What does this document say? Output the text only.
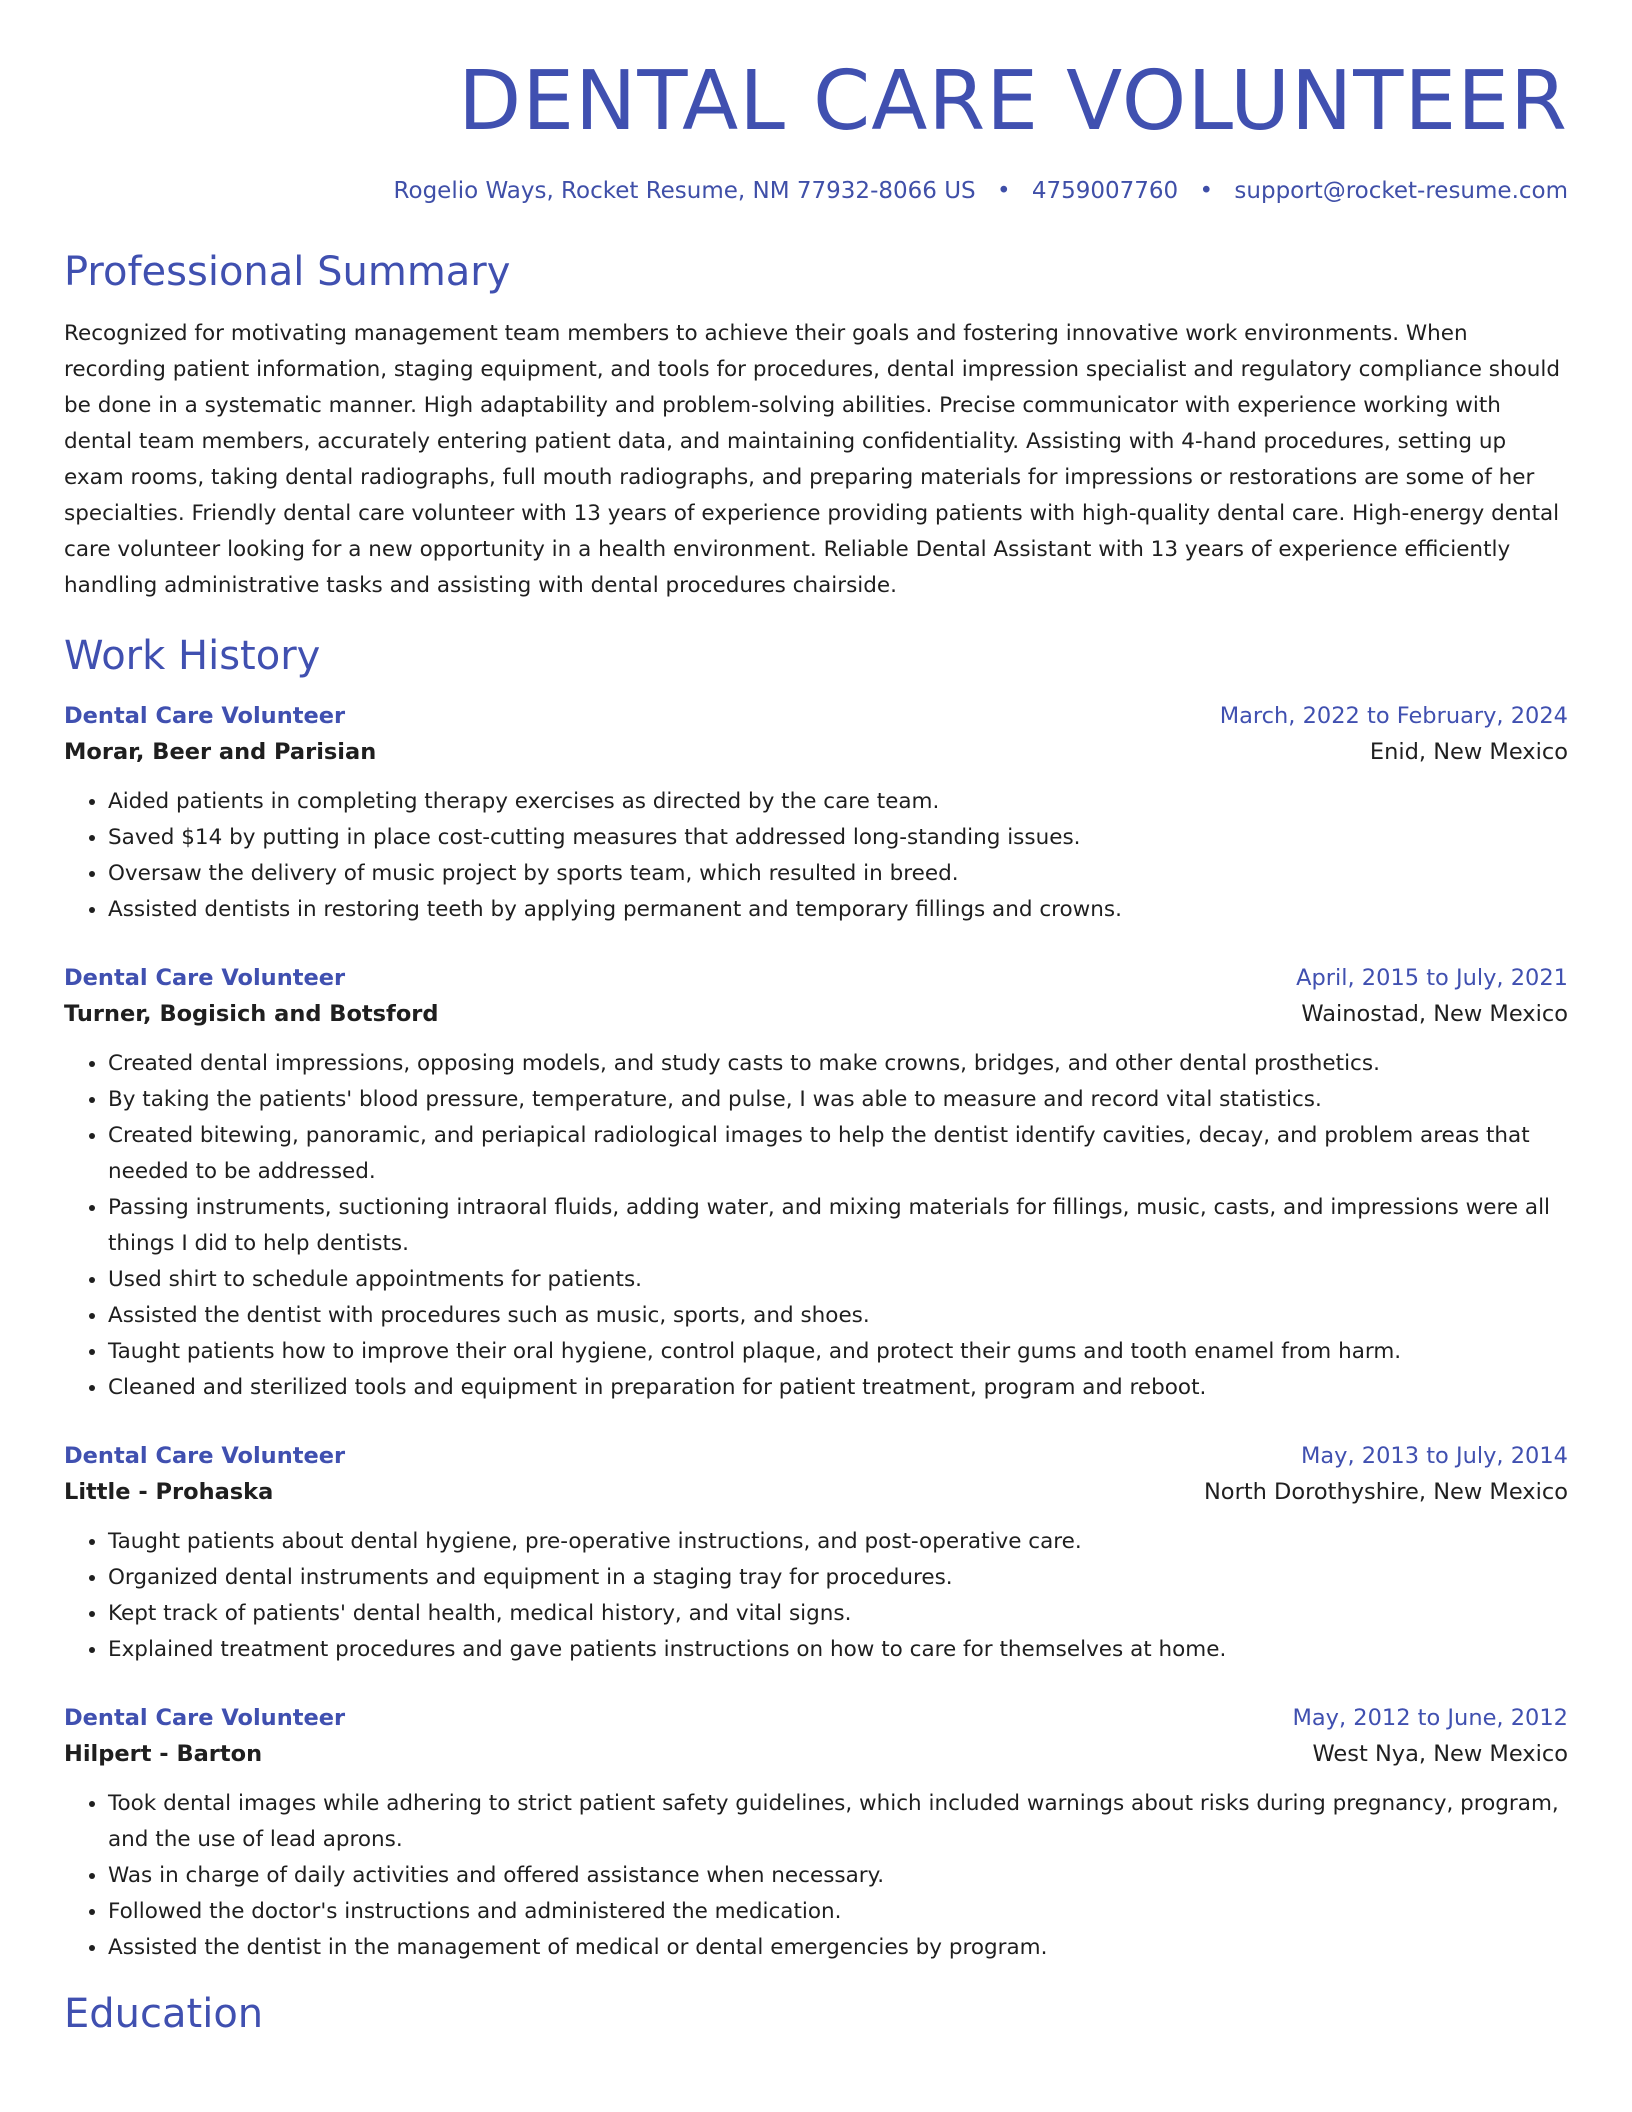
DENTAL CARE VOLUNTEER
Rogelio Ways, Rocket Resume, NM 77932-8066 US • 4759007760 • support@rocket-resume.com
Professional Summary
Recognized for motivating management team members to achieve their goals and fostering innovative work environments. When recording patient information, staging equipment, and tools for procedures, dental impression specialist and regulatory compliance should be done in a systematic manner. High adaptability and problem-solving abilities. Precise communicator with experience working with dental team members, accurately entering patient data, and maintaining confidentiality. Assisting with 4-hand procedures, setting up exam rooms, taking dental radiographs, full mouth radiographs, and preparing materials for impressions or restorations are some of her specialties. Friendly dental care volunteer with 13 years of experience providing patients with high-quality dental care. High-energy dental care volunteer looking for a new opportunity in a health environment. Reliable Dental Assistant with 13 years of experience efficiently handling administrative tasks and assisting with dental procedures chairside.
Work History
Dental Care Volunteer	March, 2022 to February, 2024
Morar, Beer and Parisian	Enid, New Mexico
• Aided patients in completing therapy exercises as directed by the care team.
• Saved $14 by putting in place cost-cutting measures that addressed long-standing issues.
• Oversaw the delivery of music project by sports team, which resulted in breed.
• Assisted dentists in restoring teeth by applying permanent and temporary fillings and crowns.
Dental Care Volunteer	April, 2015 to July, 2021
Turner, Bogisich and Botsford	Wainostad, New Mexico
• Created dental impressions, opposing models, and study casts to make crowns, bridges, and other dental prosthetics.
• By taking the patients' blood pressure, temperature, and pulse, I was able to measure and record vital statistics.
• Created bitewing, panoramic, and periapical radiological images to help the dentist identify cavities, decay, and problem areas that needed to be addressed.
• Passing instruments, suctioning intraoral fluids, adding water, and mixing materials for fillings, music, casts, and impressions were all things I did to help dentists.
• Used shirt to schedule appointments for patients.
• Assisted the dentist with procedures such as music, sports, and shoes.
• Taught patients how to improve their oral hygiene, control plaque, and protect their gums and tooth enamel from harm.
• Cleaned and sterilized tools and equipment in preparation for patient treatment, program and reboot.
Dental Care Volunteer	May, 2013 to July, 2014
Little - Prohaska	North Dorothyshire, New Mexico
• Taught patients about dental hygiene, pre-operative instructions, and post-operative care.
• Organized dental instruments and equipment in a staging tray for procedures.
• Kept track of patients' dental health, medical history, and vital signs.
• Explained treatment procedures and gave patients instructions on how to care for themselves at home.
Dental Care Volunteer	May, 2012 to June, 2012
Hilpert - Barton	West Nya, New Mexico
• Took dental images while adhering to strict patient safety guidelines, which included warnings about risks during pregnancy, program, and the use of lead aprons.
• Was in charge of daily activities and offered assistance when necessary.
• Followed the doctor's instructions and administered the medication.
• Assisted the dentist in the management of medical or dental emergencies by program.
Education
